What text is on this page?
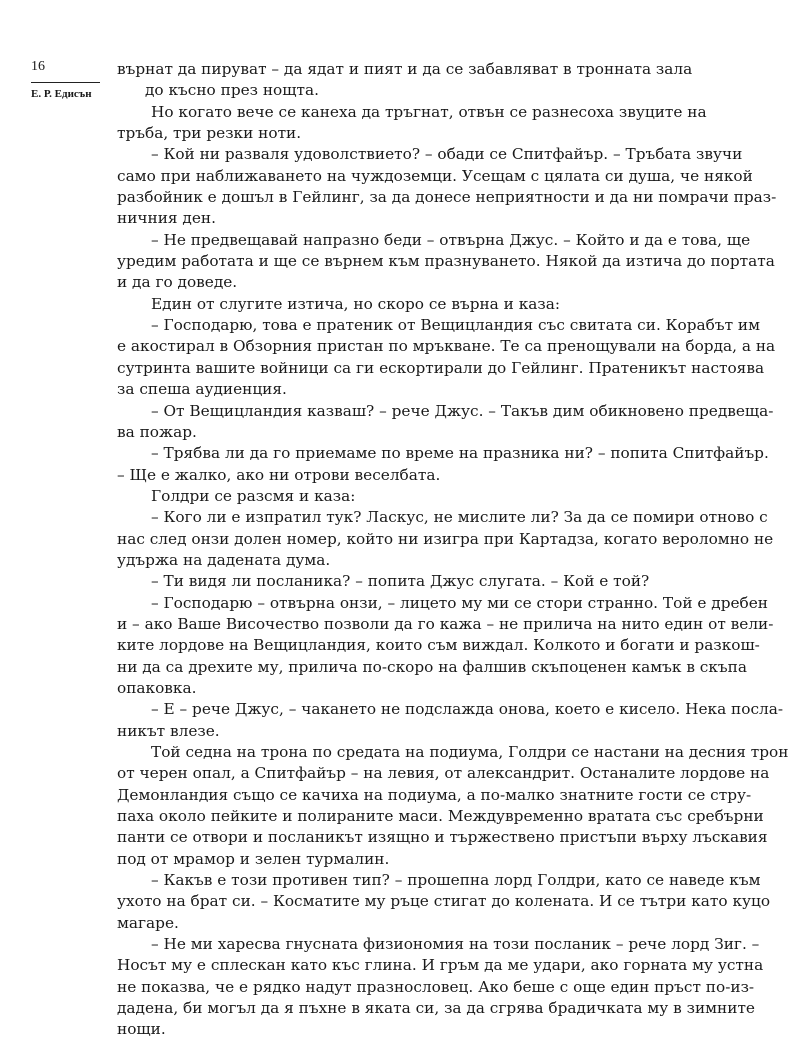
16
Е. Р. Едисън
върнат да пируват – да ядат и пият и да се забавляват в тронната зала
до късно през нощта.
Но когато вече се канеха да тръгнат, отвън се разнесоха звуците на
тръба, три резки ноти.
– Кой ни разваля удоволствието? – обади се Спитфайър. – Тръбата звучи
само при наближаването на чуждоземци. Усещам с цялата си душа, че някой
разбойник е дошъл в Гейлинг, за да донесе неприятности и да ни помрачи праз-
ничния ден.
– Не предвещавай напразно беди – отвърна Джус. – Който и да е това, ще
уредим работата и ще се върнем към празнуването. Някой да изтича до портата
и да го доведе.
Един от слугите изтича, но скоро се върна и каза:
– Господарю, това е пратеник от Вещицландия със свитата си. Корабът им
е акостирал в Обзорния пристан по мръкване. Те са пренощували на борда, а на
сутринта вашите войници са ги ескортирали до Гейлинг. Пратеникът настоява
за спеша аудиенция.
– От Вещицландия казваш? – рече Джус. – Такъв дим обикновено предвеща-
ва пожар.
– Трябва ли да го приемаме по време на празника ни? – попита Спитфайър.
– Ще е жалко, ако ни отрови веселбата.
Голдри се разсмя и каза:
– Кого ли е изпратил тук? Ласкус, не мислите ли? За да се помири отново с
нас след онзи долен номер, който ни изигра при Картадза, когато вероломно не
удържа на дадената дума.
– Ти видя ли посланика? – попита Джус слугата. – Кой е той?
– Господарю – отвърна онзи, – лицето му ми се стори странно. Той е дребен
и – ако Ваше Височество позволи да го кажа – не прилича на нито един от вели-
ките лордове на Вещицландия, които съм виждал. Колкото и богати и разкош-
ни да са дрехите му, прилича по-скоро на фалшив скъпоценен камък в скъпа
опаковка.
– Е – рече Джус, – чакането не подслажда онова, което е кисело. Нека посла-
никът влезе.
Той седна на трона по средата на подиума, Голдри се настани на десния трон
от черен опал, а Спитфайър – на левия, от александрит. Останалите лордове на
Демонландия също се качиха на подиума, а по-малко знатните гости се стру-
паха около пейките и полираните маси. Междувременно вратата със сребърни
панти се отвори и посланикът изящно и тържествено пристъпи върху лъскавия
под от мрамор и зелен турмалин.
– Какъв е този противен тип? – прошепна лорд Голдри, като се наведе към
ухото на брат си. – Косматите му ръце стигат до колената. И се тътри като куцо
магаре.
– Не ми харесва гнусната физиономия на този посланик – рече лорд Зиг. –
Носът му е сплескан като къс глина. И гръм да ме удари, ако горната му устна
не показва, че е рядко надут празнословец. Ако беше с още един пръст по-из-
дадена, би могъл да я пъхне в яката си, за да сгрява брадичката му в зимните
нощи.
